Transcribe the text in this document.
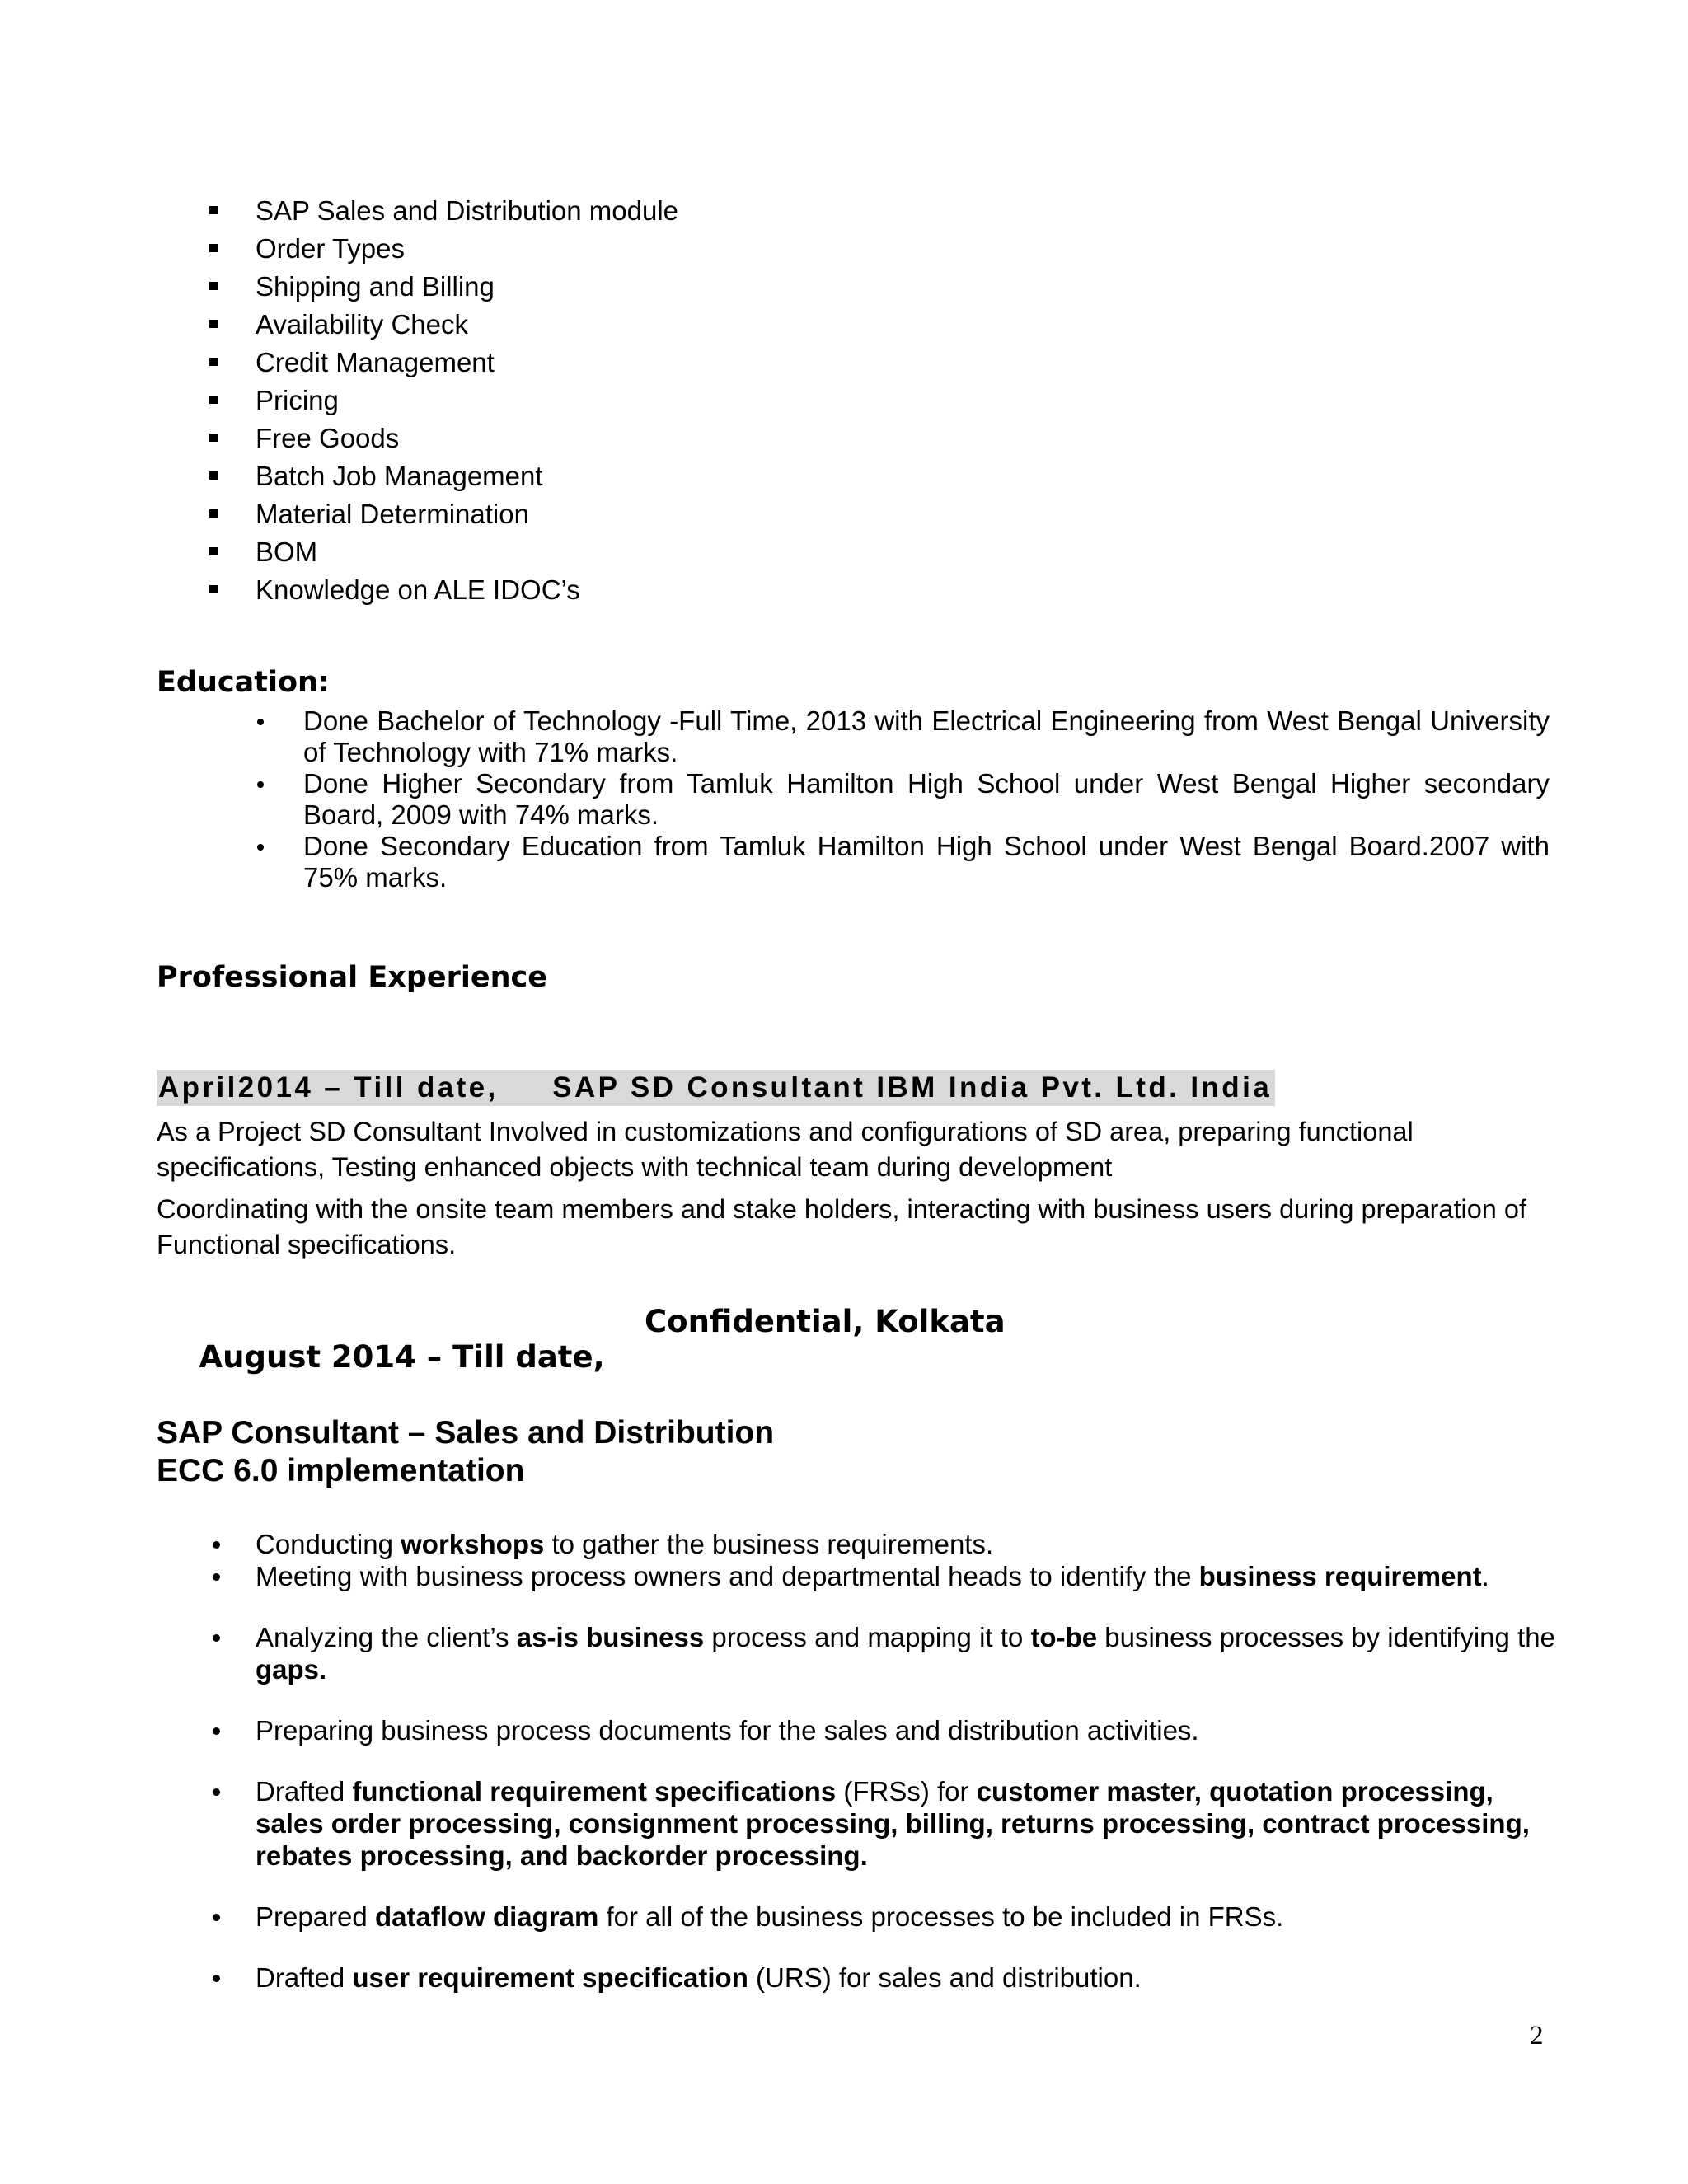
SAP Sales and Distribution module
Order Types
Shipping and Billing
Availability Check
Credit Management
Pricing
Free Goods
Batch Job Management
Material Determination
BOM
Knowledge on ALE IDOC’s
Education:
Done Bachelor of Technology -Full Time, 2013 with Electrical Engineering from West Bengal University of Technology with 71% marks.
Done Higher Secondary from Tamluk Hamilton High School under West Bengal Higher secondary Board, 2009 with 74% marks.
Done Secondary Education from Tamluk Hamilton High School under West Bengal Board.2007 with 75% marks.
Professional Experience
April2014 – Till date,     SAP SD Consultant IBM India Pvt. Ltd. India

As a Project SD Consultant Involved in customizations and configurations of SD area, preparing functional specifications, Testing enhanced objects with technical team during development

Coordinating with the onsite team members and stake holders, interacting with business users during preparation of Functional specifications.

August 2014 – Till date,

Confidential, Kolkata

SAP Consultant – Sales and Distribution
ECC 6.0 implementation
Conducting workshops to gather the business requirements.
Meeting with business process owners and departmental heads to identify the business requirement.
Analyzing the client’s as-is business process and mapping it to to-be business processes by identifying the gaps.
Preparing business process documents for the sales and distribution activities.
Drafted functional requirement specifications (FRSs) for customer master, quotation processing, sales order processing, consignment processing, billing, returns processing, contract processing, rebates processing, and backorder processing.
Prepared dataflow diagram for all of the business processes to be included in FRSs.
Drafted user requirement specification (URS) for sales and distribution.
2
